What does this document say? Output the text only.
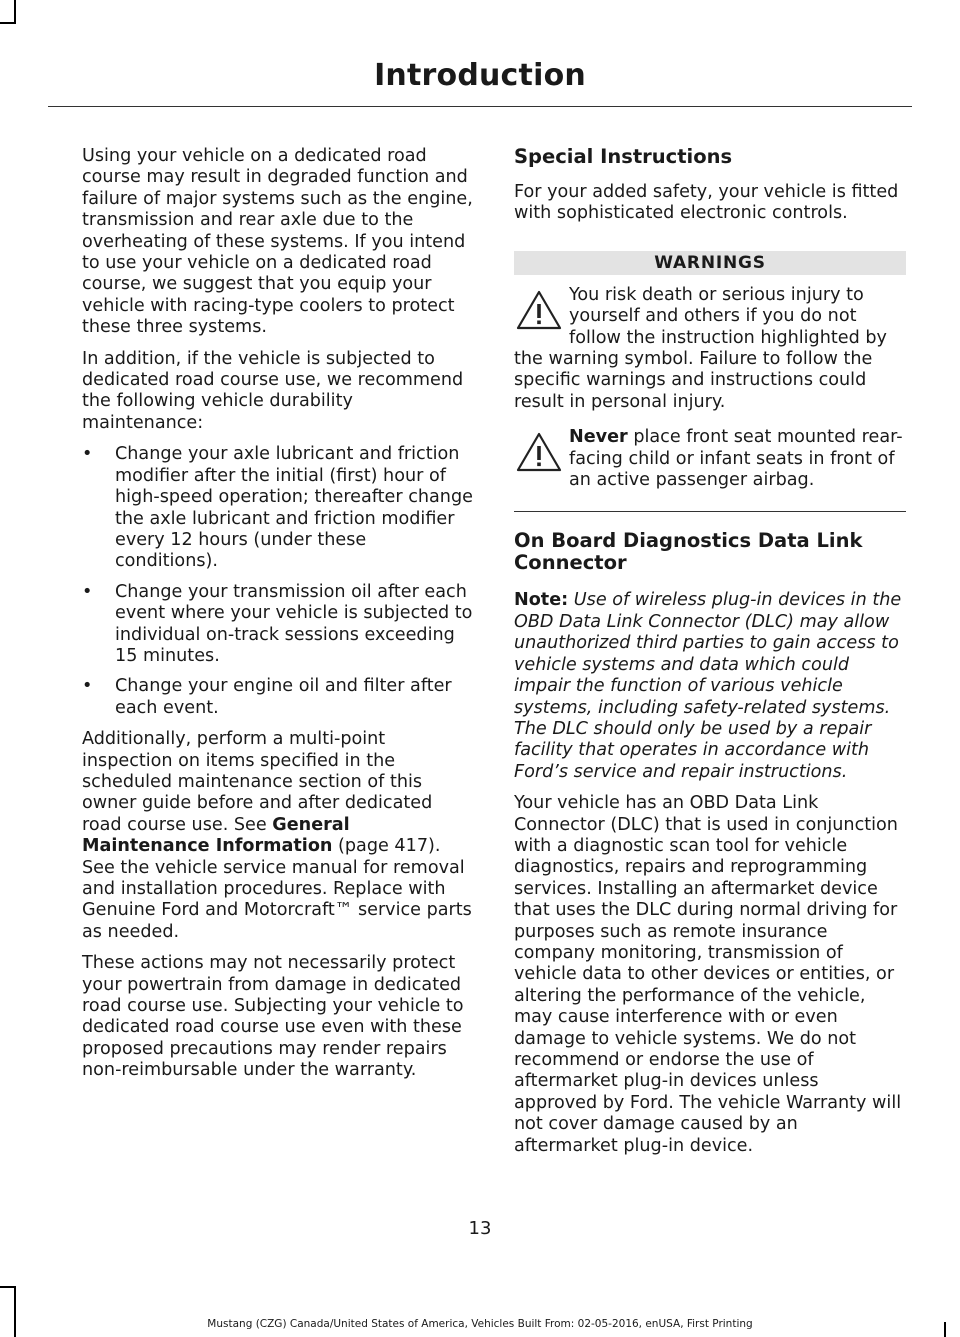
Introduction

Using your vehicle on a dedicated road course may result in degraded function and failure of major systems such as the engine, transmission and rear axle due to the overheating of these systems. If you intend to use your vehicle on a dedicated road course, we suggest that you equip your vehicle with racing-type coolers to protect these three systems.

In addition, if the vehicle is subjected to dedicated road course use, we recommend the following vehicle durability maintenance:

• Change your axle lubricant and friction modifier after the initial (first) hour of high-speed operation; thereafter change the axle lubricant and friction modifier every 12 hours (under these conditions).
• Change your transmission oil after each event where your vehicle is subjected to individual on-track sessions exceeding 15 minutes.
• Change your engine oil and filter after each event.

Additionally, perform a multi-point inspection on items specified in the scheduled maintenance section of this owner guide before and after dedicated road course use. See General Maintenance Information (page 417). See the vehicle service manual for removal and installation procedures. Replace with Genuine Ford and Motorcraft™ service parts as needed.

These actions may not necessarily protect your powertrain from damage in dedicated road course use. Subjecting your vehicle to dedicated road course use even with these proposed precautions may render repairs non-reimbursable under the warranty.

Special Instructions

For your added safety, your vehicle is fitted with sophisticated electronic controls.

WARNINGS
You risk death or serious injury to yourself and others if you do not follow the instruction highlighted by the warning symbol. Failure to follow the specific warnings and instructions could result in personal injury.
Never place front seat mounted rear-facing child or infant seats in front of an active passenger airbag.
On Board Diagnostics Data Link Connector

Note: Use of wireless plug-in devices in the OBD Data Link Connector (DLC) may allow unauthorized third parties to gain access to vehicle systems and data which could impair the function of various vehicle systems, including safety-related systems. The DLC should only be used by a repair facility that operates in accordance with Ford’s service and repair instructions.

Your vehicle has an OBD Data Link Connector (DLC) that is used in conjunction with a diagnostic scan tool for vehicle diagnostics, repairs and reprogramming services. Installing an aftermarket device that uses the DLC during normal driving for purposes such as remote insurance company monitoring, transmission of vehicle data to other devices or entities, or altering the performance of the vehicle, may cause interference with or even damage to vehicle systems. We do not recommend or endorse the use of aftermarket plug-in devices unless approved by Ford. The vehicle Warranty will not cover damage caused by an aftermarket plug-in device.

13
Mustang (CZG) Canada/United States of America, Vehicles Built From: 02-05-2016, enUSA, First Printing
